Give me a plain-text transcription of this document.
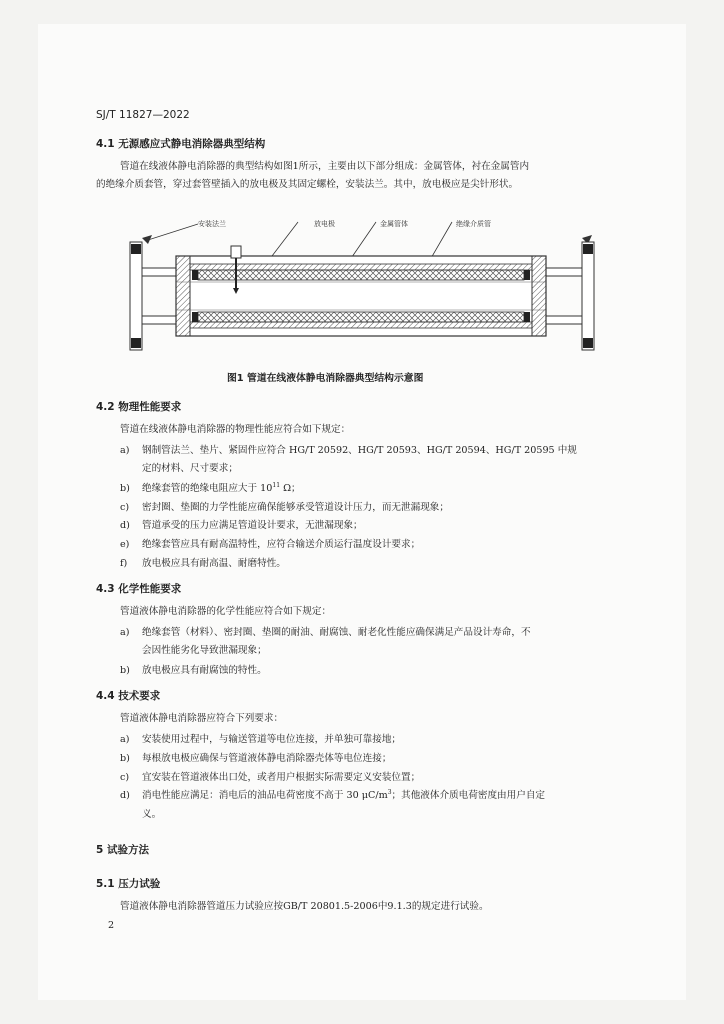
SJ/T 11827—2022
4.1 无源感应式静电消除器典型结构
管道在线液体静电消除器的典型结构如图1所示，主要由以下部分组成：金属管体，衬在金属管内
的绝缘介质套管，穿过套管壁插入的放电极及其固定螺栓，安装法兰。其中，放电极应是尖针形状。
安装法兰	放电极	金属管体	绝缘介质管
图1 管道在线液体静电消除器典型结构示意图
4.2 物理性能要求
管道在线液体静电消除器的物理性能应符合如下规定：
a) 钢制管法兰、垫片、紧固件应符合 HG/T 20592、HG/T 20593、HG/T 20594、HG/T 20595 中规
定的材料、尺寸要求；
b) 绝缘套管的绝缘电阻应大于 $10^{11}$ Ω；
c) 密封圈、垫圈的力学性能应确保能够承受管道设计压力，而无泄漏现象；
d) 管道承受的压力应满足管道设计要求，无泄漏现象；
e) 绝缘套管应具有耐高温特性，应符合输送介质运行温度设计要求；
f) 放电极应具有耐高温、耐磨特性。
4.3 化学性能要求
管道液体静电消除器的化学性能应符合如下规定：
a) 绝缘套管（材料）、密封圈、垫圈的耐油、耐腐蚀、耐老化性能应确保满足产品设计寿命，不
会因性能劣化导致泄漏现象；
b) 放电极应具有耐腐蚀的特性。
4.4 技术要求
管道液体静电消除器应符合下列要求：
a) 安装使用过程中，与输送管道等电位连接，并单独可靠接地；
b) 每根放电极应确保与管道液体静电消除器壳体等电位连接；
c) 宜安装在管道液体出口处，或者用户根据实际需要定义安装位置；
d) 消电性能应满足：消电后的油品电荷密度不高于 30 $\mu C/m^3$；其他液体介质电荷密度由用户自定
义。
5 试验方法
5.1 压力试验
管道液体静电消除器管道压力试验应按GB/T 20801.5-2006中9.1.3的规定进行试验。
2
